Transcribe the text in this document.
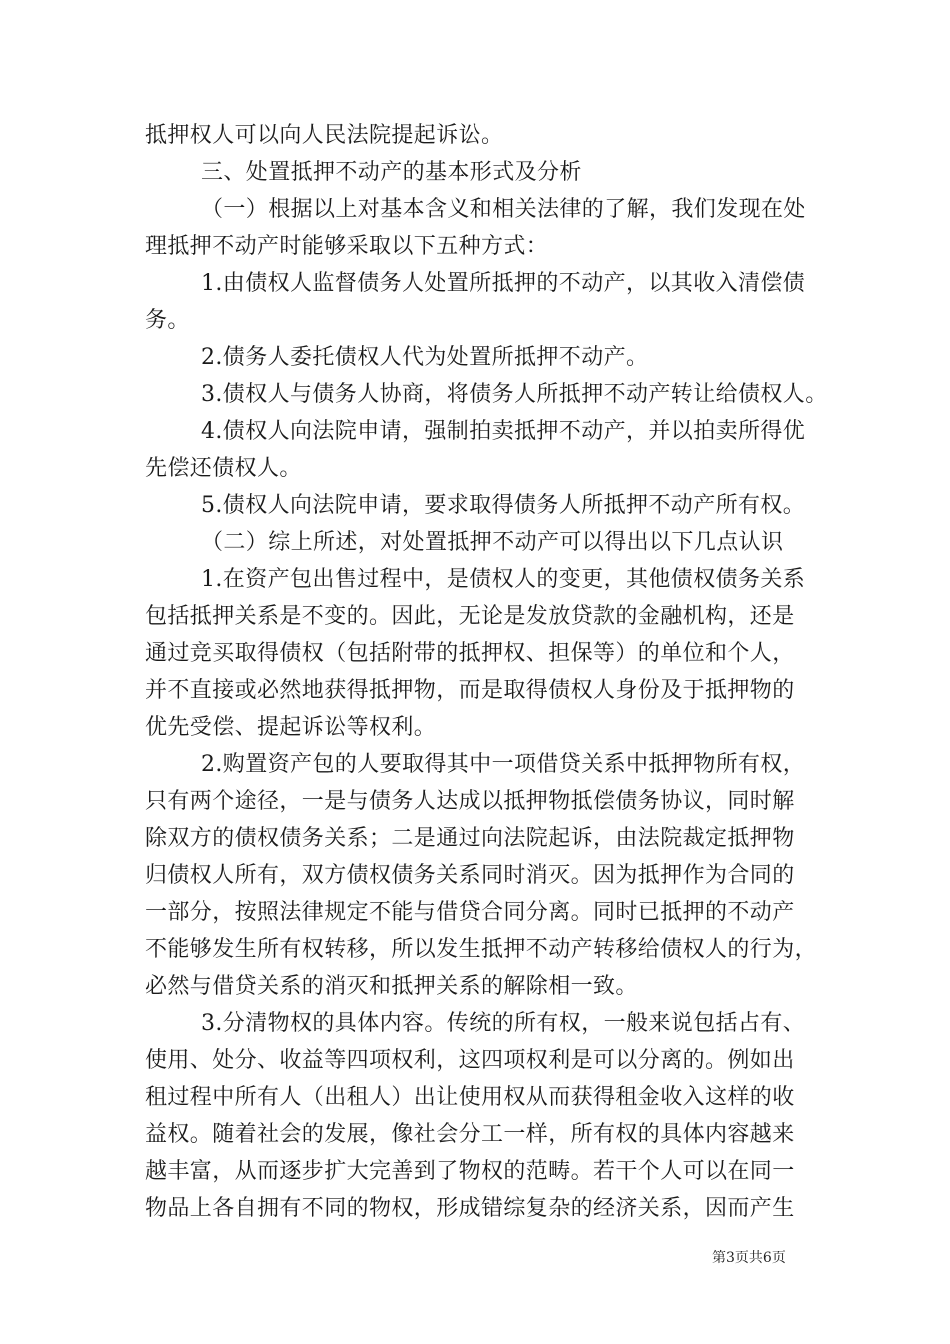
抵押权人可以向人民法院提起诉讼。
三、处置抵押不动产的基本形式及分析
（一）根据以上对基本含义和相关法律的了解，我们发现在处
理抵押不动产时能够采取以下五种方式：
1.由债权人监督债务人处置所抵押的不动产，以其收入清偿债
务。
2.债务人委托债权人代为处置所抵押不动产。
3.债权人与债务人协商，将债务人所抵押不动产转让给债权人。
4.债权人向法院申请，强制拍卖抵押不动产，并以拍卖所得优
先偿还债权人。
5.债权人向法院申请，要求取得债务人所抵押不动产所有权。
（二）综上所述，对处置抵押不动产可以得出以下几点认识
1.在资产包出售过程中，是债权人的变更，其他债权债务关系
包括抵押关系是不变的。因此，无论是发放贷款的金融机构，还是
通过竞买取得债权（包括附带的抵押权、担保等）的单位和个人，
并不直接或必然地获得抵押物，而是取得债权人身份及于抵押物的
优先受偿、提起诉讼等权利。
2.购置资产包的人要取得其中一项借贷关系中抵押物所有权，
只有两个途径，一是与债务人达成以抵押物抵偿债务协议，同时解
除双方的债权债务关系；二是通过向法院起诉，由法院裁定抵押物
归债权人所有，双方债权债务关系同时消灭。因为抵押作为合同的
一部分，按照法律规定不能与借贷合同分离。同时已抵押的不动产
不能够发生所有权转移，所以发生抵押不动产转移给债权人的行为，
必然与借贷关系的消灭和抵押关系的解除相一致。
3.分清物权的具体内容。传统的所有权，一般来说包括占有、
使用、处分、收益等四项权利，这四项权利是可以分离的。例如出
租过程中所有人（出租人）出让使用权从而获得租金收入这样的收
益权。随着社会的发展，像社会分工一样，所有权的具体内容越来
越丰富，从而逐步扩大完善到了物权的范畴。若干个人可以在同一
物品上各自拥有不同的物权，形成错综复杂的经济关系，因而产生
第3页共6页
